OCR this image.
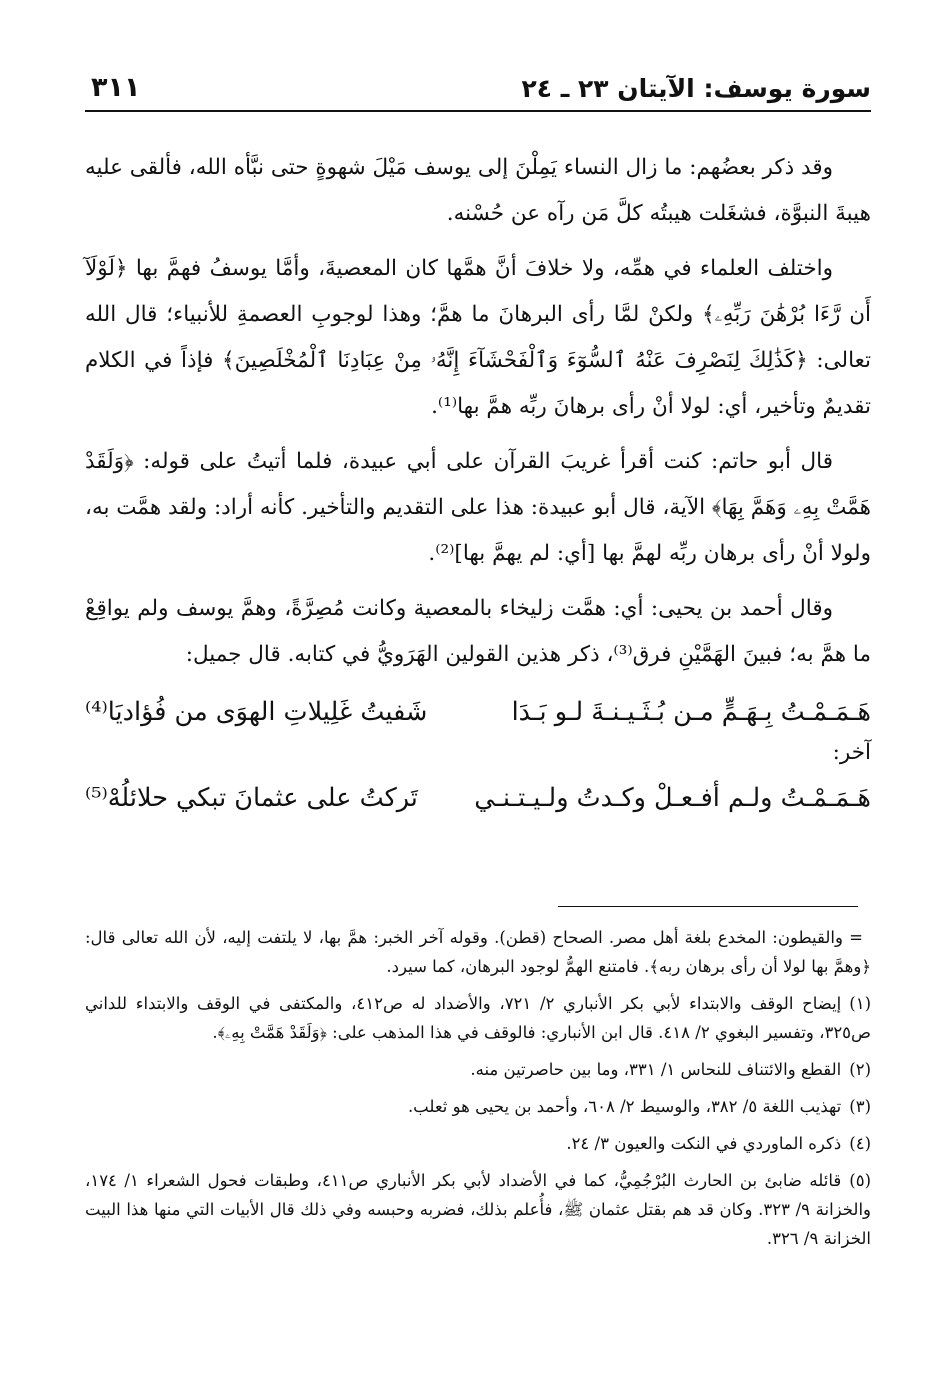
سورة يوسف: الآيتان ٢٣ ـ ٢٤
٣١١

وقد ذكر بعضُهم: ما زال النساء يَمِلْنَ إلى يوسف مَيْلَ شهوةٍ حتى نبَّأه الله، فألقى عليه هيبةَ النبوَّة، فشغَلت هيبتُه كلَّ مَن رآه عن حُسْنه.

واختلف العلماء في همِّه، ولا خلافَ أنَّ همَّها كان المعصيةَ، وأمَّا يوسفُ فهمَّ بها ﴿لَوْلَآ أَن رَّءَا بُرْهَٰنَ رَبِّهِۦ﴾ ولكنْ لمَّا رأى البرهانَ ما همَّ؛ وهذا لوجوبِ العصمةِ للأنبياء؛ قال الله تعالى: ﴿كَذَٰلِكَ لِنَصْرِفَ عَنْهُ ٱلسُّوٓءَ وَٱلْفَحْشَآءَ إِنَّهُۥ مِنْ عِبَادِنَا ٱلْمُخْلَصِينَ﴾ فإذاً في الكلام تقديمٌ وتأخير، أي: لولا أنْ رأى برهانَ ربِّه همَّ بها⁽¹⁾.

قال أبو حاتم: كنت أقرأ غريبَ القرآن على أبي عبيدة، فلما أتيتُ على قوله: ﴿وَلَقَدْ هَمَّتْ بِهِۦ وَهَمَّ بِهَا﴾ الآية، قال أبو عبيدة: هذا على التقديم والتأخير. كأنه أراد: ولقد همَّت به، ولولا أنْ رأى برهان ربِّه لهمَّ بها [أي: لم يهمَّ بها]⁽²⁾.

وقال أحمد بن يحيى: أي: همَّت زليخاء بالمعصية وكانت مُصِرَّةً، وهمَّ يوسف ولم يواقِعْ ما همَّ به؛ فبينَ الهَمَّيْنِ فرق⁽³⁾، ذكر هذين القولين الهَرَويُّ في كتابه. قال جميل:

هَـمَـمْـتُ بِـهَـمٍّ مـن بُـثَـيـنـةَ لـو بَـدَا
شَفيتُ غَلِيلاتِ الهوَى من فُؤاديَا⁽⁴⁾

آخر:

هَـمَـمْـتُ ولـم أفـعـلْ وكـدتُ ولـيـتـنـي
تَركتُ على عثمانَ تبكي حلائلُهْ⁽⁵⁾

= والقيطون: المخدع بلغة أهل مصر. الصحاح (قطن). وقوله آخر الخبر: همَّ بها، لا يلتفت إليه، لأن الله تعالى قال: ﴿وهمَّ بها لولا أن رأى برهان ربه﴾. فامتنع الهمُّ لوجود البرهان، كما سيرد.

(١)إيضاح الوقف والابتداء لأبي بكر الأنباري ٢/ ٧٢١، والأضداد له ص٤١٢، والمكتفى في الوقف والابتداء للداني ص٣٢٥، وتفسير البغوي ٢/ ٤١٨. قال ابن الأنباري: فالوقف في هذا المذهب على: ﴿وَلَقَدْ هَمَّتْ بِهِۦ﴾.

(٢)القطع والائتناف للنحاس ١/ ٣٣١، وما بين حاصرتين منه.

(٣)تهذيب اللغة ٥/ ٣٨٢، والوسيط ٢/ ٦٠٨، وأحمد بن يحيى هو ثعلب.

(٤)ذكره الماوردي في النكت والعيون ٣/ ٢٤.

(٥)قائله ضابئ بن الحارث البُرْجُمِيُّ، كما في الأضداد لأبي بكر الأنباري ص٤١١، وطبقات فحول الشعراء ١/ ١٧٤، والخزانة ٩/ ٣٢٣. وكان قد هم بقتل عثمان ﷺ، فأُعلم بذلك، فضربه وحبسه وفي ذلك قال الأبيات التي منها هذا البيت الخزانة ٩/ ٣٢٦.
